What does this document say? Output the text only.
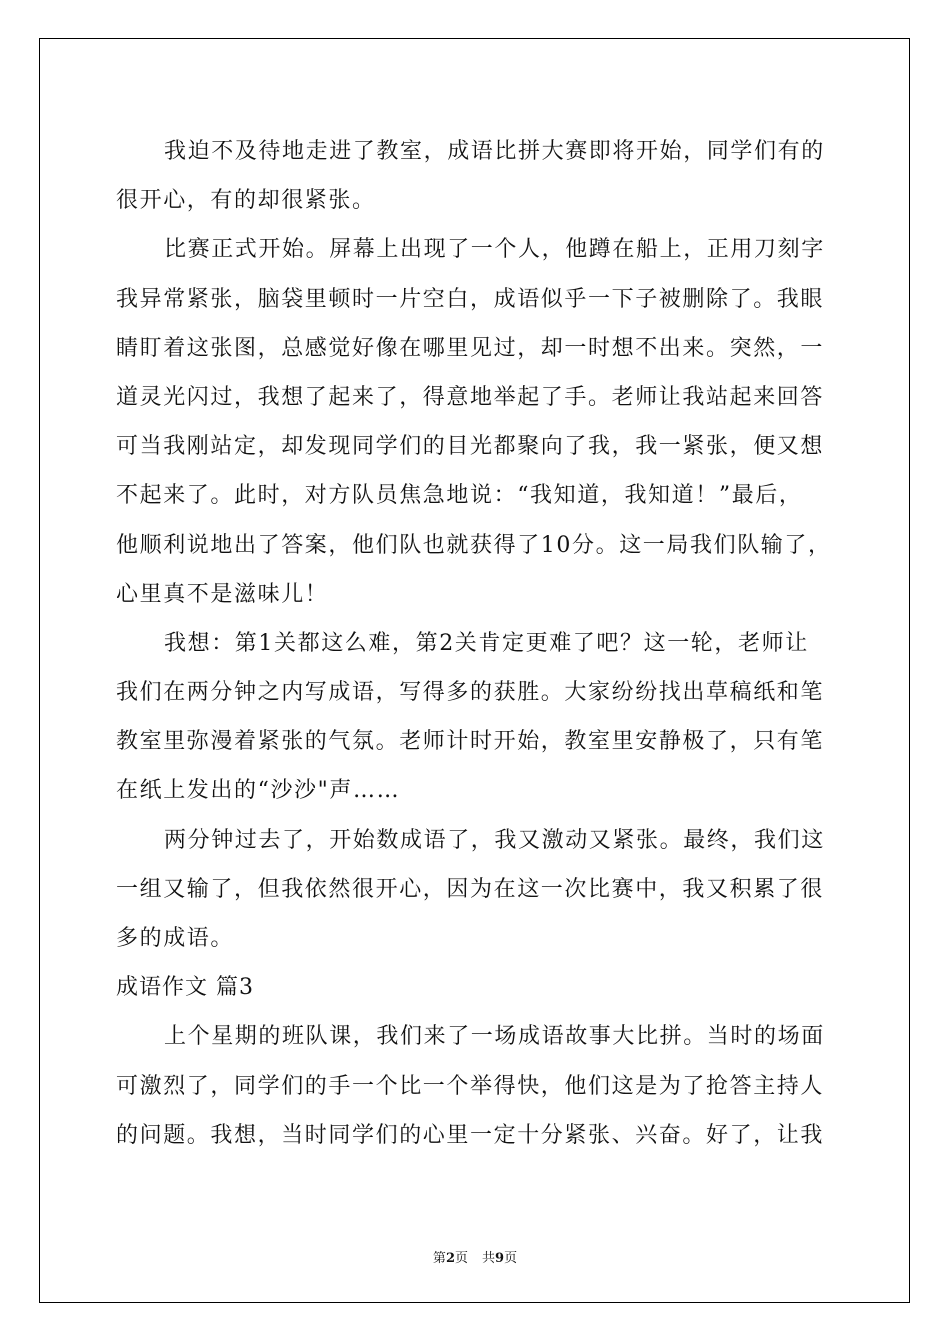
我迫不及待地走进了教室，成语比拼大赛即将开始，同学们有的
很开心，有的却很紧张。
比赛正式开始。屏幕上出现了一个人，他蹲在船上，正用刀刻字
我异常紧张，脑袋里顿时一片空白，成语似乎一下子被删除了。我眼
睛盯着这张图，总感觉好像在哪里见过，却一时想不出来。突然，一
道灵光闪过，我想了起来了，得意地举起了手。老师让我站起来回答
可当我刚站定，却发现同学们的目光都聚向了我，我一紧张，便又想
不起来了。此时，对方队员焦急地说：“我知道，我知道！”最后，
他顺利说地出了答案，他们队也就获得了10分。这一局我们队输了，
心里真不是滋味儿！
我想：第1关都这么难，第2关肯定更难了吧？这一轮，老师让
我们在两分钟之内写成语，写得多的获胜。大家纷纷找出草稿纸和笔
教室里弥漫着紧张的气氛。老师计时开始，教室里安静极了，只有笔
在纸上发出的“沙沙"声……
两分钟过去了，开始数成语了，我又激动又紧张。最终，我们这
一组又输了，但我依然很开心，因为在这一次比赛中，我又积累了很
多的成语。
成语作文 篇3
上个星期的班队课，我们来了一场成语故事大比拼。当时的场面
可激烈了，同学们的手一个比一个举得快，他们这是为了抢答主持人
的问题。我想，当时同学们的心里一定十分紧张、兴奋。好了，让我
第2页 共9页
